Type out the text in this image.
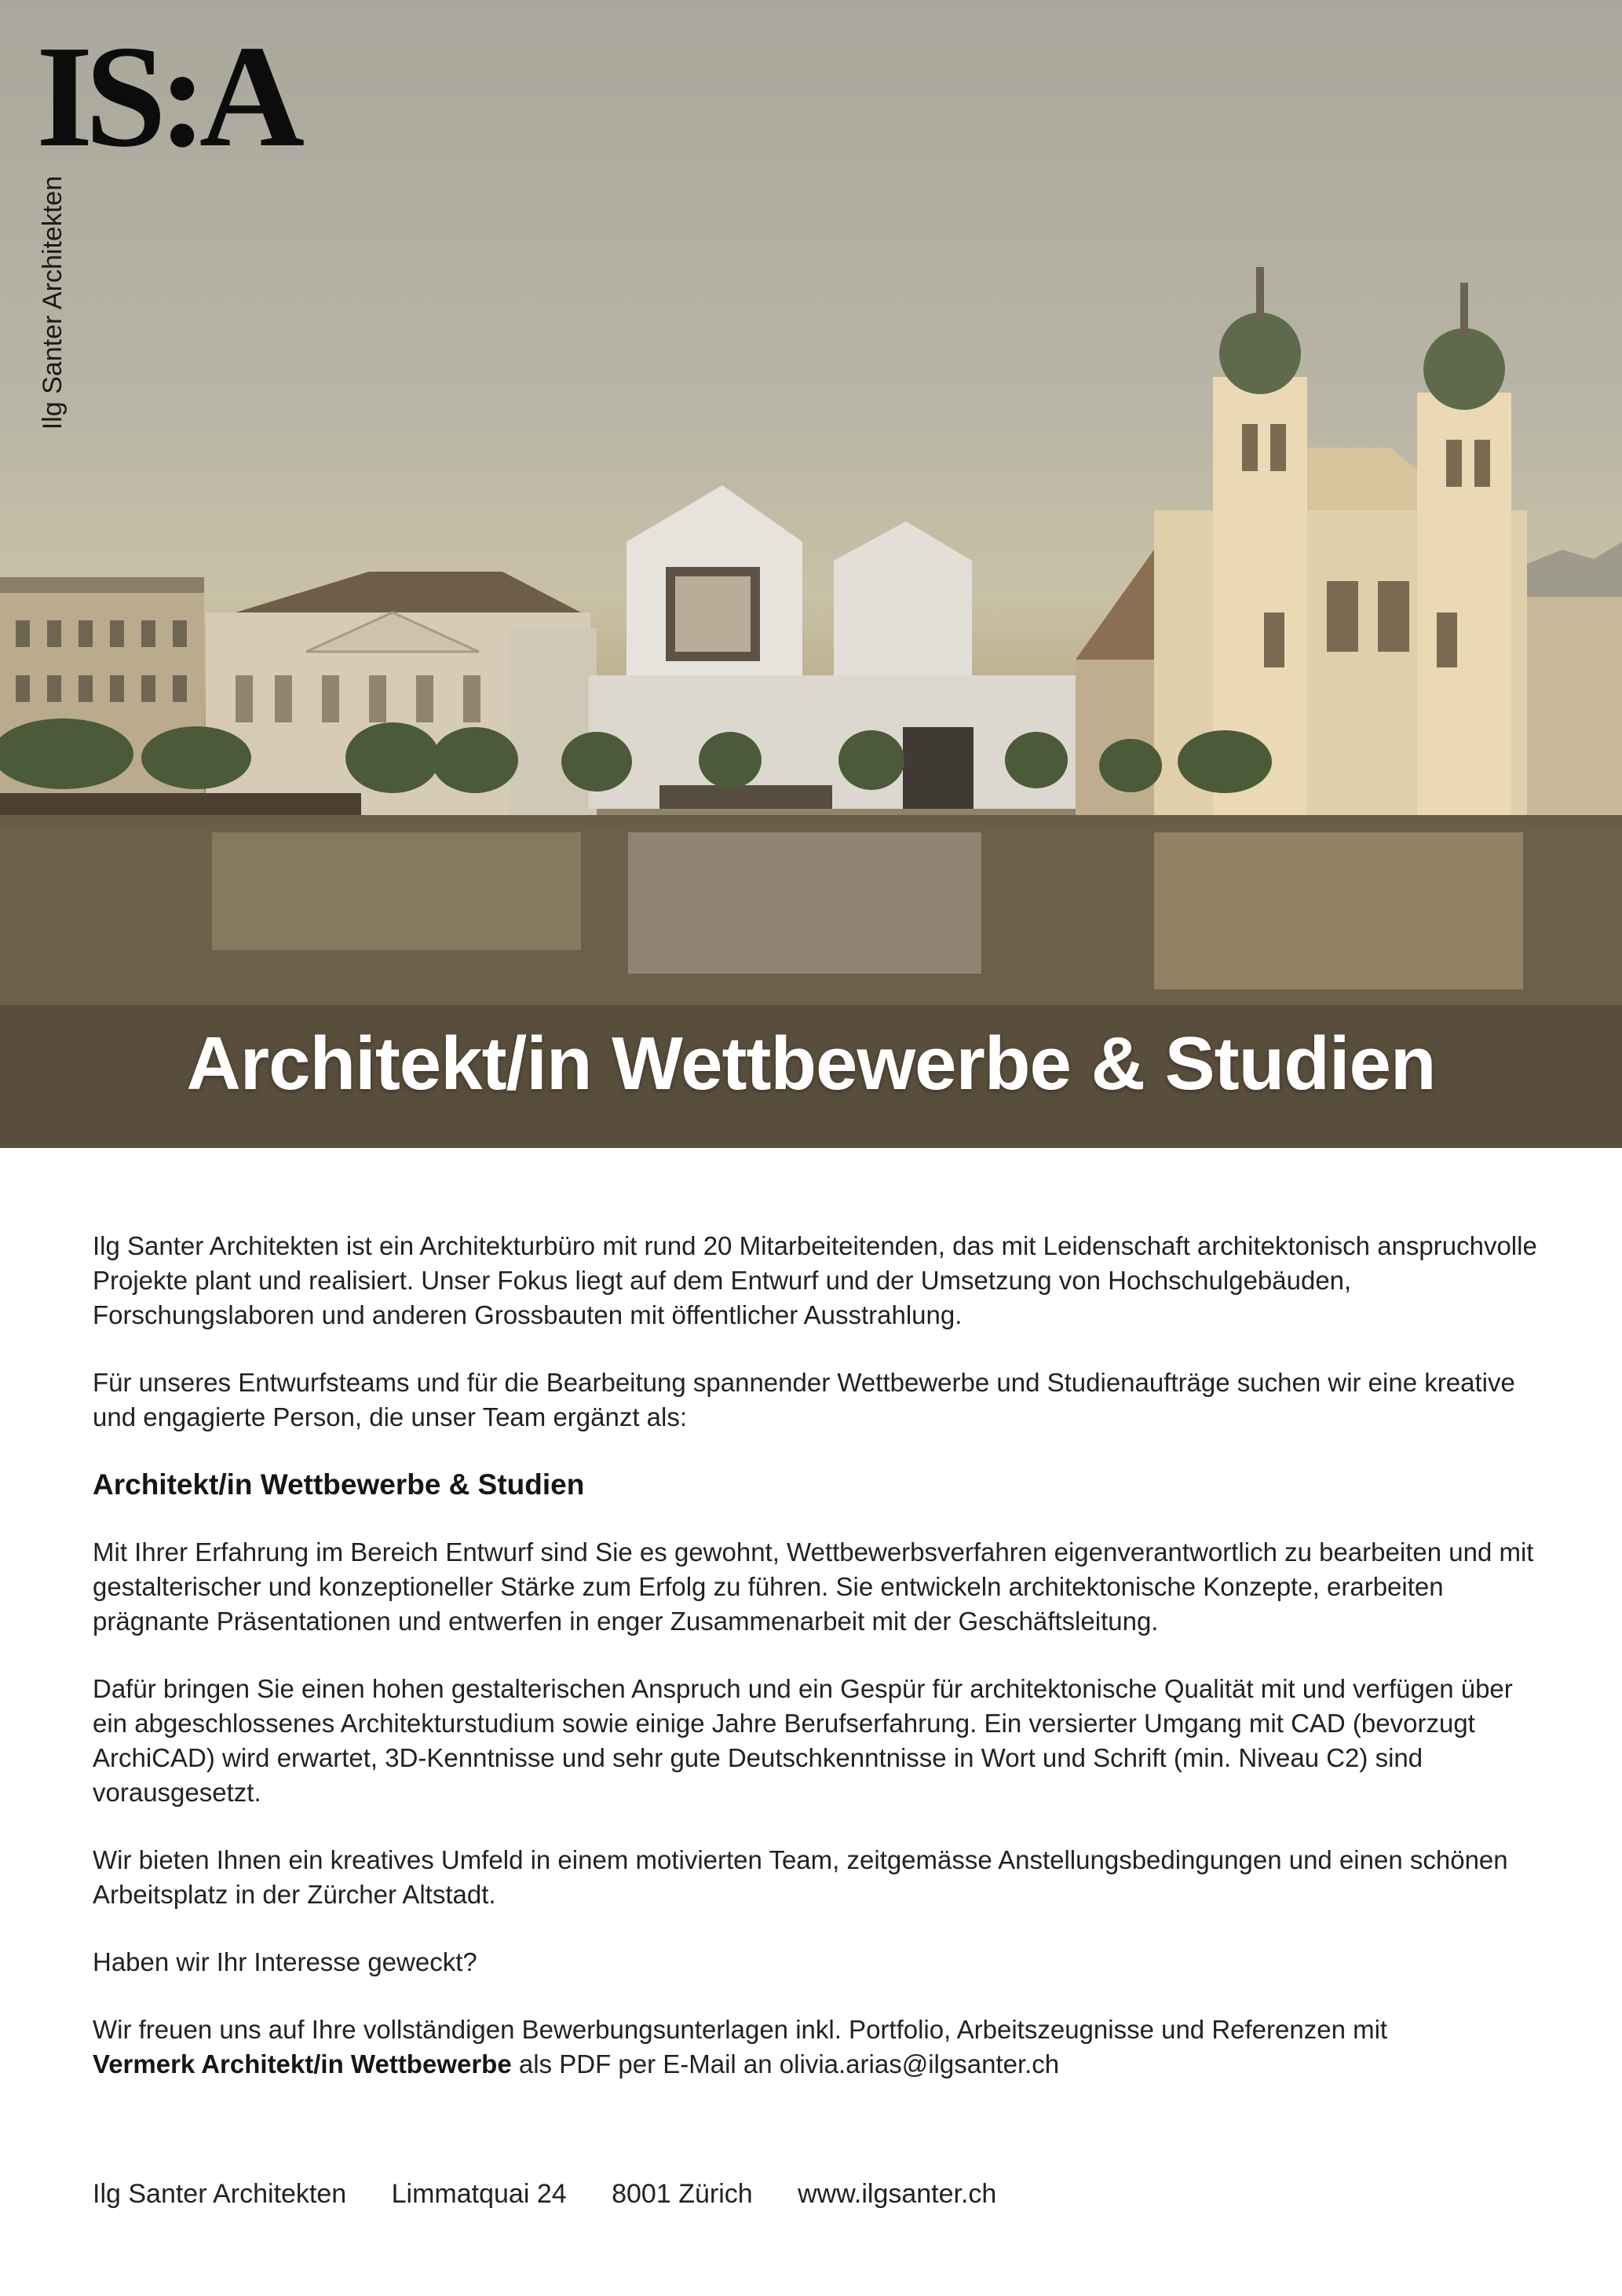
IS:A
Ilg Santer Architekten
Architekt/in Wettbewerbe & Studien

Ilg Santer Architekten ist ein Architekturbüro mit rund 20 Mitarbeiteitenden, das mit Leidenschaft architektonisch anspruchvolle Projekte plant und realisiert. Unser Fokus liegt auf dem Entwurf und der Umsetzung von Hochschulgebäuden, Forschungslaboren und anderen Grossbauten mit öffentlicher Ausstrahlung.

Für unseres Entwurfsteams und für die Bearbeitung spannender Wettbewerbe und Studienaufträge suchen wir eine kreative und engagierte Person, die unser Team ergänzt als:

Architekt/in Wettbewerbe & Studien

Mit Ihrer Erfahrung im Bereich Entwurf sind Sie es gewohnt, Wettbewerbsverfahren eigenverantwortlich zu bearbeiten und mit gestalterischer und konzeptioneller Stärke zum Erfolg zu führen. Sie entwickeln architektonische Konzepte, erarbeiten prägnante Präsentationen und entwerfen in enger Zusammenarbeit mit der Geschäftsleitung.

Dafür bringen Sie einen hohen gestalterischen Anspruch und ein Gespür für architektonische Qualität mit und verfügen über ein abgeschlossenes Architekturstudium sowie einige Jahre Berufserfahrung. Ein versierter Umgang mit CAD (bevorzugt ArchiCAD) wird erwartet, 3D-Kenntnisse und sehr gute Deutschkenntnisse in Wort und Schrift (min. Niveau C2) sind vorausgesetzt.

Wir bieten Ihnen ein kreatives Umfeld in einem motivierten Team, zeitgemässe Anstellungsbedingungen und einen schönen Arbeitsplatz in der Zürcher Altstadt.

Haben wir Ihr Interesse geweckt?

Wir freuen uns auf Ihre vollständigen Bewerbungsunterlagen inkl. Portfolio, Arbeitszeugnisse und Referenzen mit
Vermerk Architekt/in Wettbewerbe als PDF per E-Mail an olivia.arias@ilgsanter.ch

Ilg Santer Architekten Limmatquai 24 8001 Zürich www.ilgsanter.ch
